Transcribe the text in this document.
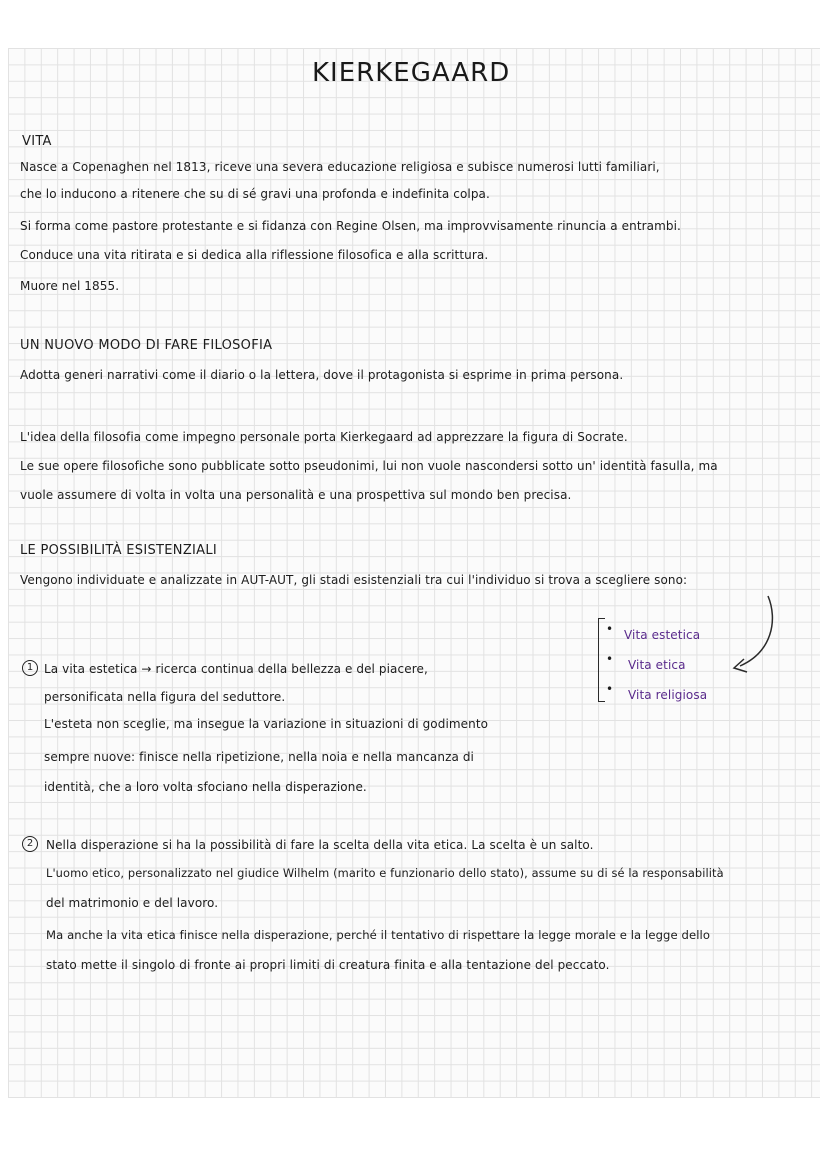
KIERKEGAARD
VITA
Nasce a Copenaghen nel 1813, riceve una severa educazione religiosa e subisce numerosi lutti familiari,
che lo inducono a ritenere che su di sé gravi una profonda e indefinita colpa.
Si forma come pastore protestante e si fidanza con Regine Olsen, ma improvvisamente rinuncia a entrambi.
Conduce una vita ritirata e si dedica alla riflessione filosofica e alla scrittura.
Muore nel 1855.
UN NUOVO MODO DI FARE FILOSOFIA
Adotta generi narrativi come il diario o la lettera, dove il protagonista si esprime in prima persona.
L'idea della filosofia come impegno personale porta Kierkegaard ad apprezzare la figura di Socrate.
Le sue opere filosofiche sono pubblicate sotto pseudonimi, lui non vuole nascondersi sotto un' identità fasulla, ma
vuole assumere di volta in volta una personalità e una prospettiva sul mondo ben precisa.
LE POSSIBILITÀ ESISTENZIALI
Vengono individuate e analizzate in AUT-AUT, gli stadi esistenziali tra cui l'individuo si trova a scegliere sono:
•
•
•
Vita estetica
Vita etica
Vita religiosa
1 La vita estetica → ricerca continua della bellezza e del piacere,
personificata nella figura del seduttore.
L'esteta non sceglie, ma insegue la variazione in situazioni di godimento
sempre nuove: finisce nella ripetizione, nella noia e nella mancanza di
identità, che a loro volta sfociano nella disperazione.
2	Nella disperazione si ha la possibilità di fare la scelta della vita etica. La scelta è un salto.
L'uomo etico, personalizzato nel giudice Wilhelm (marito e funzionario dello stato), assume su di sé la responsabilità
del matrimonio e del lavoro.
Ma anche la vita etica finisce nella disperazione, perché il tentativo di rispettare la legge morale e la legge dello
stato mette il singolo di fronte ai propri limiti di creatura finita e alla tentazione del peccato.
